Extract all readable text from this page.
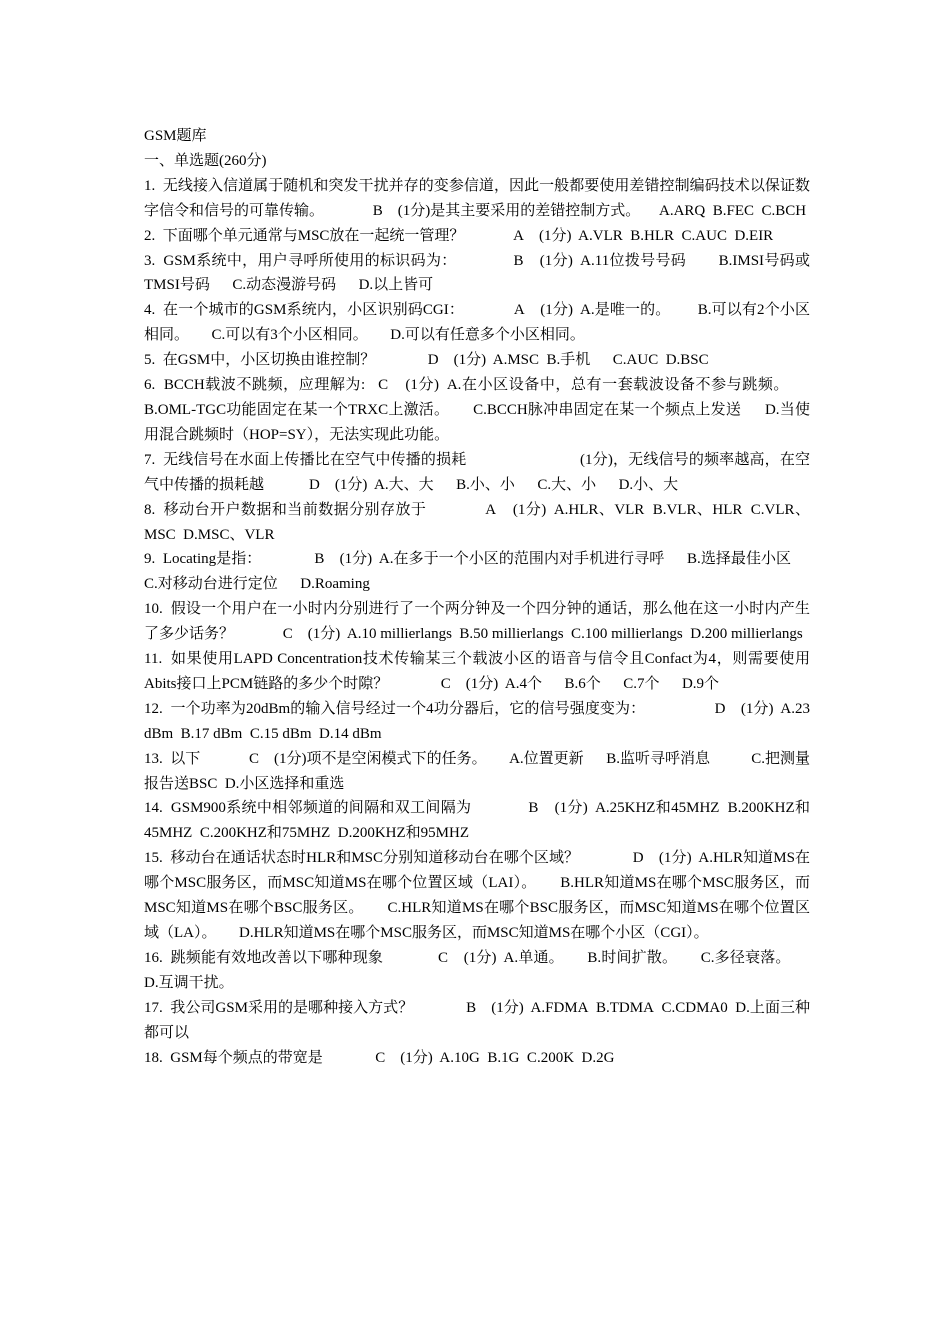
GSM题库
一、单选题(260分)

1.  无线接入信道属于随机和突发干扰并存的变参信道，因此一般都要使用差错控制编码技术以保证数字信令和信号的可靠传输。             B    (1分)是其主要采用的差错控制方式。     A.ARQ  B.FEC  C.BCH

2.  下面哪个单元通常与MSC放在一起统一管理？             A    (1分)  A.VLR  B.HLR  C.AUC  D.EIR

3.  GSM系统中，用户寻呼所使用的标识码为：              B    (1分)  A.11位拨号号码        B.IMSI号码或TMSI号码      C.动态漫游号码      D.以上皆可

4.  在一个城市的GSM系统内，小区识别码CGI：             A    (1分)  A.是唯一的。       B.可以有2个小区相同。      C.可以有3个小区相同。      D.可以有任意多个小区相同。

5.  在GSM中，小区切换由谁控制？              D    (1分)  A.MSC  B.手机      C.AUC  D.BSC

6.  BCCH载波不跳频，应理解为:   C    (1分)  A.在小区设备中，总有一套载波设备不参与跳频。      B.OML-TGC功能固定在某一个TRXC上激活。      C.BCCH脉冲串固定在某一个频点上发送      D.当使用混合跳频时（HOP=SY），无法实现此功能。

7.  无线信号在水面上传播比在空气中传播的损耗                             (1分)，无线信号的频率越高，在空气中传播的损耗越            D    (1分)  A.大、大      B.小、小      C.大、小      D.小、大

8.  移动台开户数据和当前数据分别存放于              A    (1分)  A.HLR、VLR  B.VLR、HLR  C.VLR、MSC  D.MSC、VLR

9.  Locating是指：              B    (1分)  A.在多于一个小区的范围内对手机进行寻呼      B.选择最佳小区      C.对移动台进行定位      D.Roaming

10.  假设一个用户在一小时内分别进行了一个两分钟及一个四分钟的通话，那么他在这一小时内产生了多少话务？             C    (1分)  A.10 millierlangs  B.50 millierlangs  C.100 millierlangs  D.200 millierlangs

11.  如果使用LAPD Concentration技术传输某三个载波小区的语音与信令且Confact为4，则需要使用Abits接口上PCM链路的多少个时隙？              C    (1分)  A.4个      B.6个      C.7个      D.9个

12.  一个功率为20dBm的输入信号经过一个4功分器后，它的信号强度变为：                  D    (1分)  A.23 dBm  B.17 dBm  C.15 dBm  D.14 dBm

13.  以下             C    (1分)项不是空闲模式下的任务。      A.位置更新      B.监听寻呼消息           C.把测量报告送BSC  D.小区选择和重选

14.  GSM900系统中相邻频道的间隔和双工间隔为              B    (1分)  A.25KHZ和45MHZ  B.200KHZ和45MHZ  C.200KHZ和75MHZ  D.200KHZ和95MHZ

15.  移动台在通话状态时HLR和MSC分别知道移动台在哪个区域？              D    (1分)  A.HLR知道MS在哪个MSC服务区，而MSC知道MS在哪个位置区域（LAI）。      B.HLR知道MS在哪个MSC服务区，而MSC知道MS在哪个BSC服务区。      C.HLR知道MS在哪个BSC服务区，而MSC知道MS在哪个位置区域（LA）。      D.HLR知道MS在哪个MSC服务区，而MSC知道MS在哪个小区（CGI）。

16.  跳频能有效地改善以下哪种现象              C    (1分)  A.单通。      B.时间扩散。      C.多径衰落。      D.互调干扰。

17.  我公司GSM采用的是哪种接入方式？              B    (1分)  A.FDMA  B.TDMA  C.CDMA0  D.上面三种都可以

18.  GSM每个频点的带宽是              C    (1分)  A.10G  B.1G  C.200K  D.2G
